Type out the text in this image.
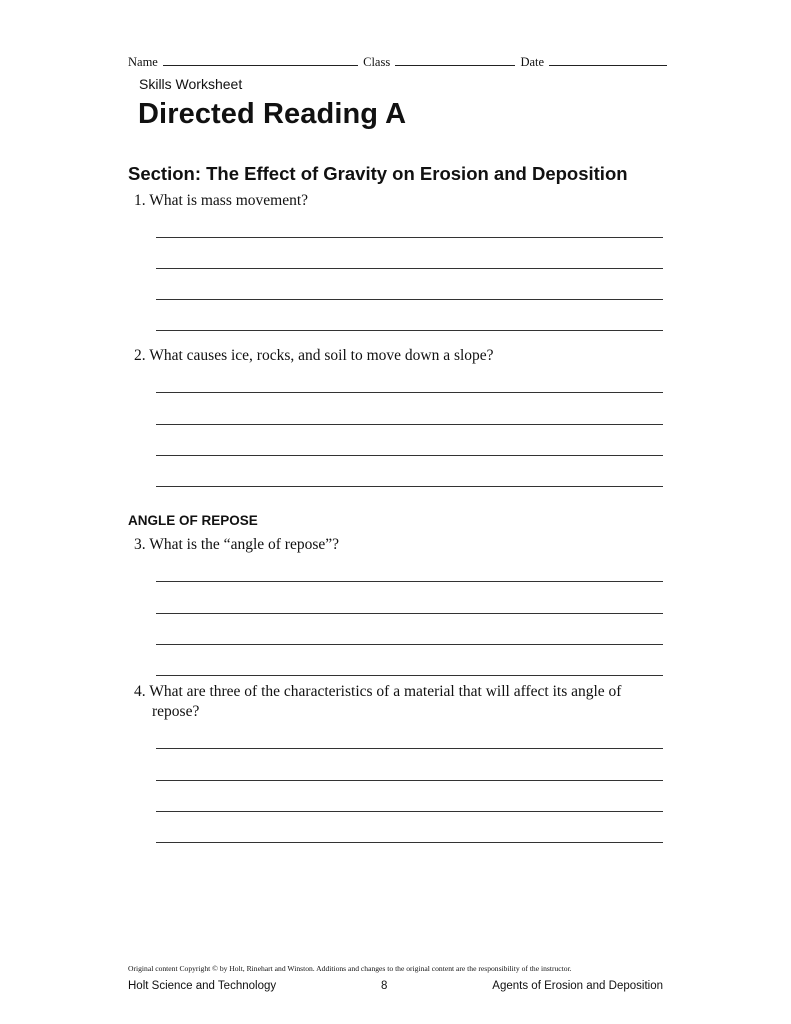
Name	Class	Date
Skills Worksheet
Directed Reading A
Section: The Effect of Gravity on Erosion and Deposition
1. What is mass movement?
2. What causes ice, rocks, and soil to move down a slope?
ANGLE OF REPOSE
3. What is the “angle of repose”?
4. What are three of the characteristics of a material that will affect its angle of repose?
Original content Copyright © by Holt, Rinehart and Winston. Additions and changes to the original content are the responsibility of the instructor.
Holt Science and Technology	8	Agents of Erosion and Deposition
